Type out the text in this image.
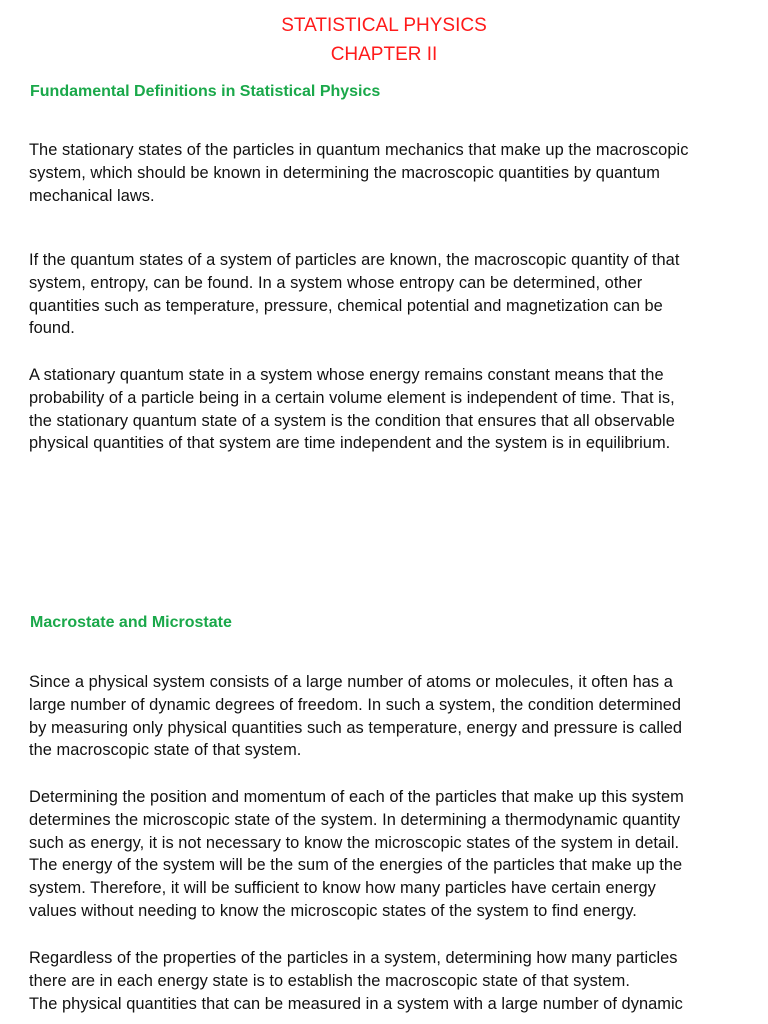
STATISTICAL PHYSICS
CHAPTER II
Fundamental Definitions in Statistical Physics

The stationary states of the particles in quantum mechanics that make up the macroscopic
system, which should be known in determining the macroscopic quantities by quantum
mechanical laws.

If the quantum states of a system of particles are known, the macroscopic quantity of that
system, entropy, can be found. In a system whose entropy can be determined, other
quantities such as temperature, pressure, chemical potential and magnetization can be
found.

A stationary quantum state in a system whose energy remains constant means that the
probability of a particle being in a certain volume element is independent of time. That is,
the stationary quantum state of a system is the condition that ensures that all observable
physical quantities of that system are time independent and the system is in equilibrium.

Macrostate and Microstate

Since a physical system consists of a large number of atoms or molecules, it often has a
large number of dynamic degrees of freedom. In such a system, the condition determined
by measuring only physical quantities such as temperature, energy and pressure is called
the macroscopic state of that system.

Determining the position and momentum of each of the particles that make up this system
determines the microscopic state of the system. In determining a thermodynamic quantity
such as energy, it is not necessary to know the microscopic states of the system in detail.
The energy of the system will be the sum of the energies of the particles that make up the
system. Therefore, it will be sufficient to know how many particles have certain energy
values without needing to know the microscopic states of the system to find energy.

Regardless of the properties of the particles in a system, determining how many particles
there are in each energy state is to establish the macroscopic state of that system.
The physical quantities that can be measured in a system with a large number of dynamic
